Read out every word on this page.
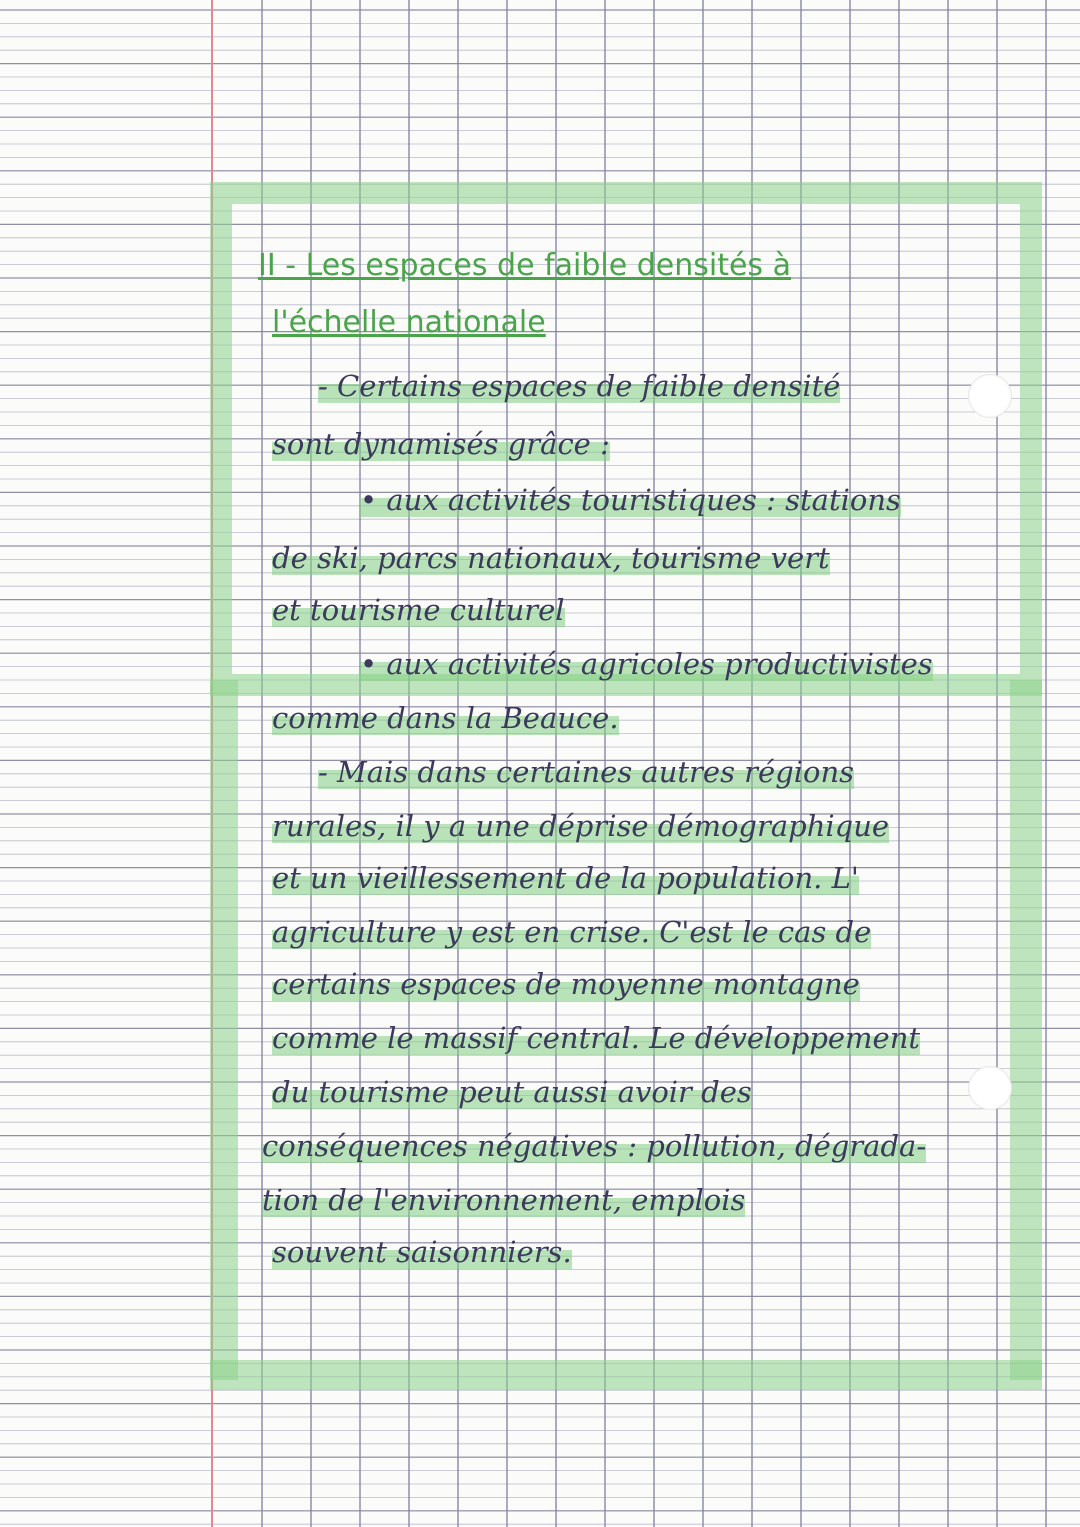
II - Les espaces de faible densités à
l'échelle nationale
- Certains espaces de faible densité
sont dynamisés grâce :
• aux activités touristiques : stations
de ski, parcs nationaux, tourisme vert
et tourisme culturel
• aux activités agricoles productivistes
comme dans la Beauce.
- Mais dans certaines autres régions
rurales, il y a une déprise démographique
et un vieillessement de la population. L'
agriculture y est en crise. C'est le cas de
certains espaces de moyenne montagne
comme le massif central. Le développement
du tourisme peut aussi avoir des
conséquences négatives : pollution, dégrada-
tion de l'environnement, emplois
souvent saisonniers.
